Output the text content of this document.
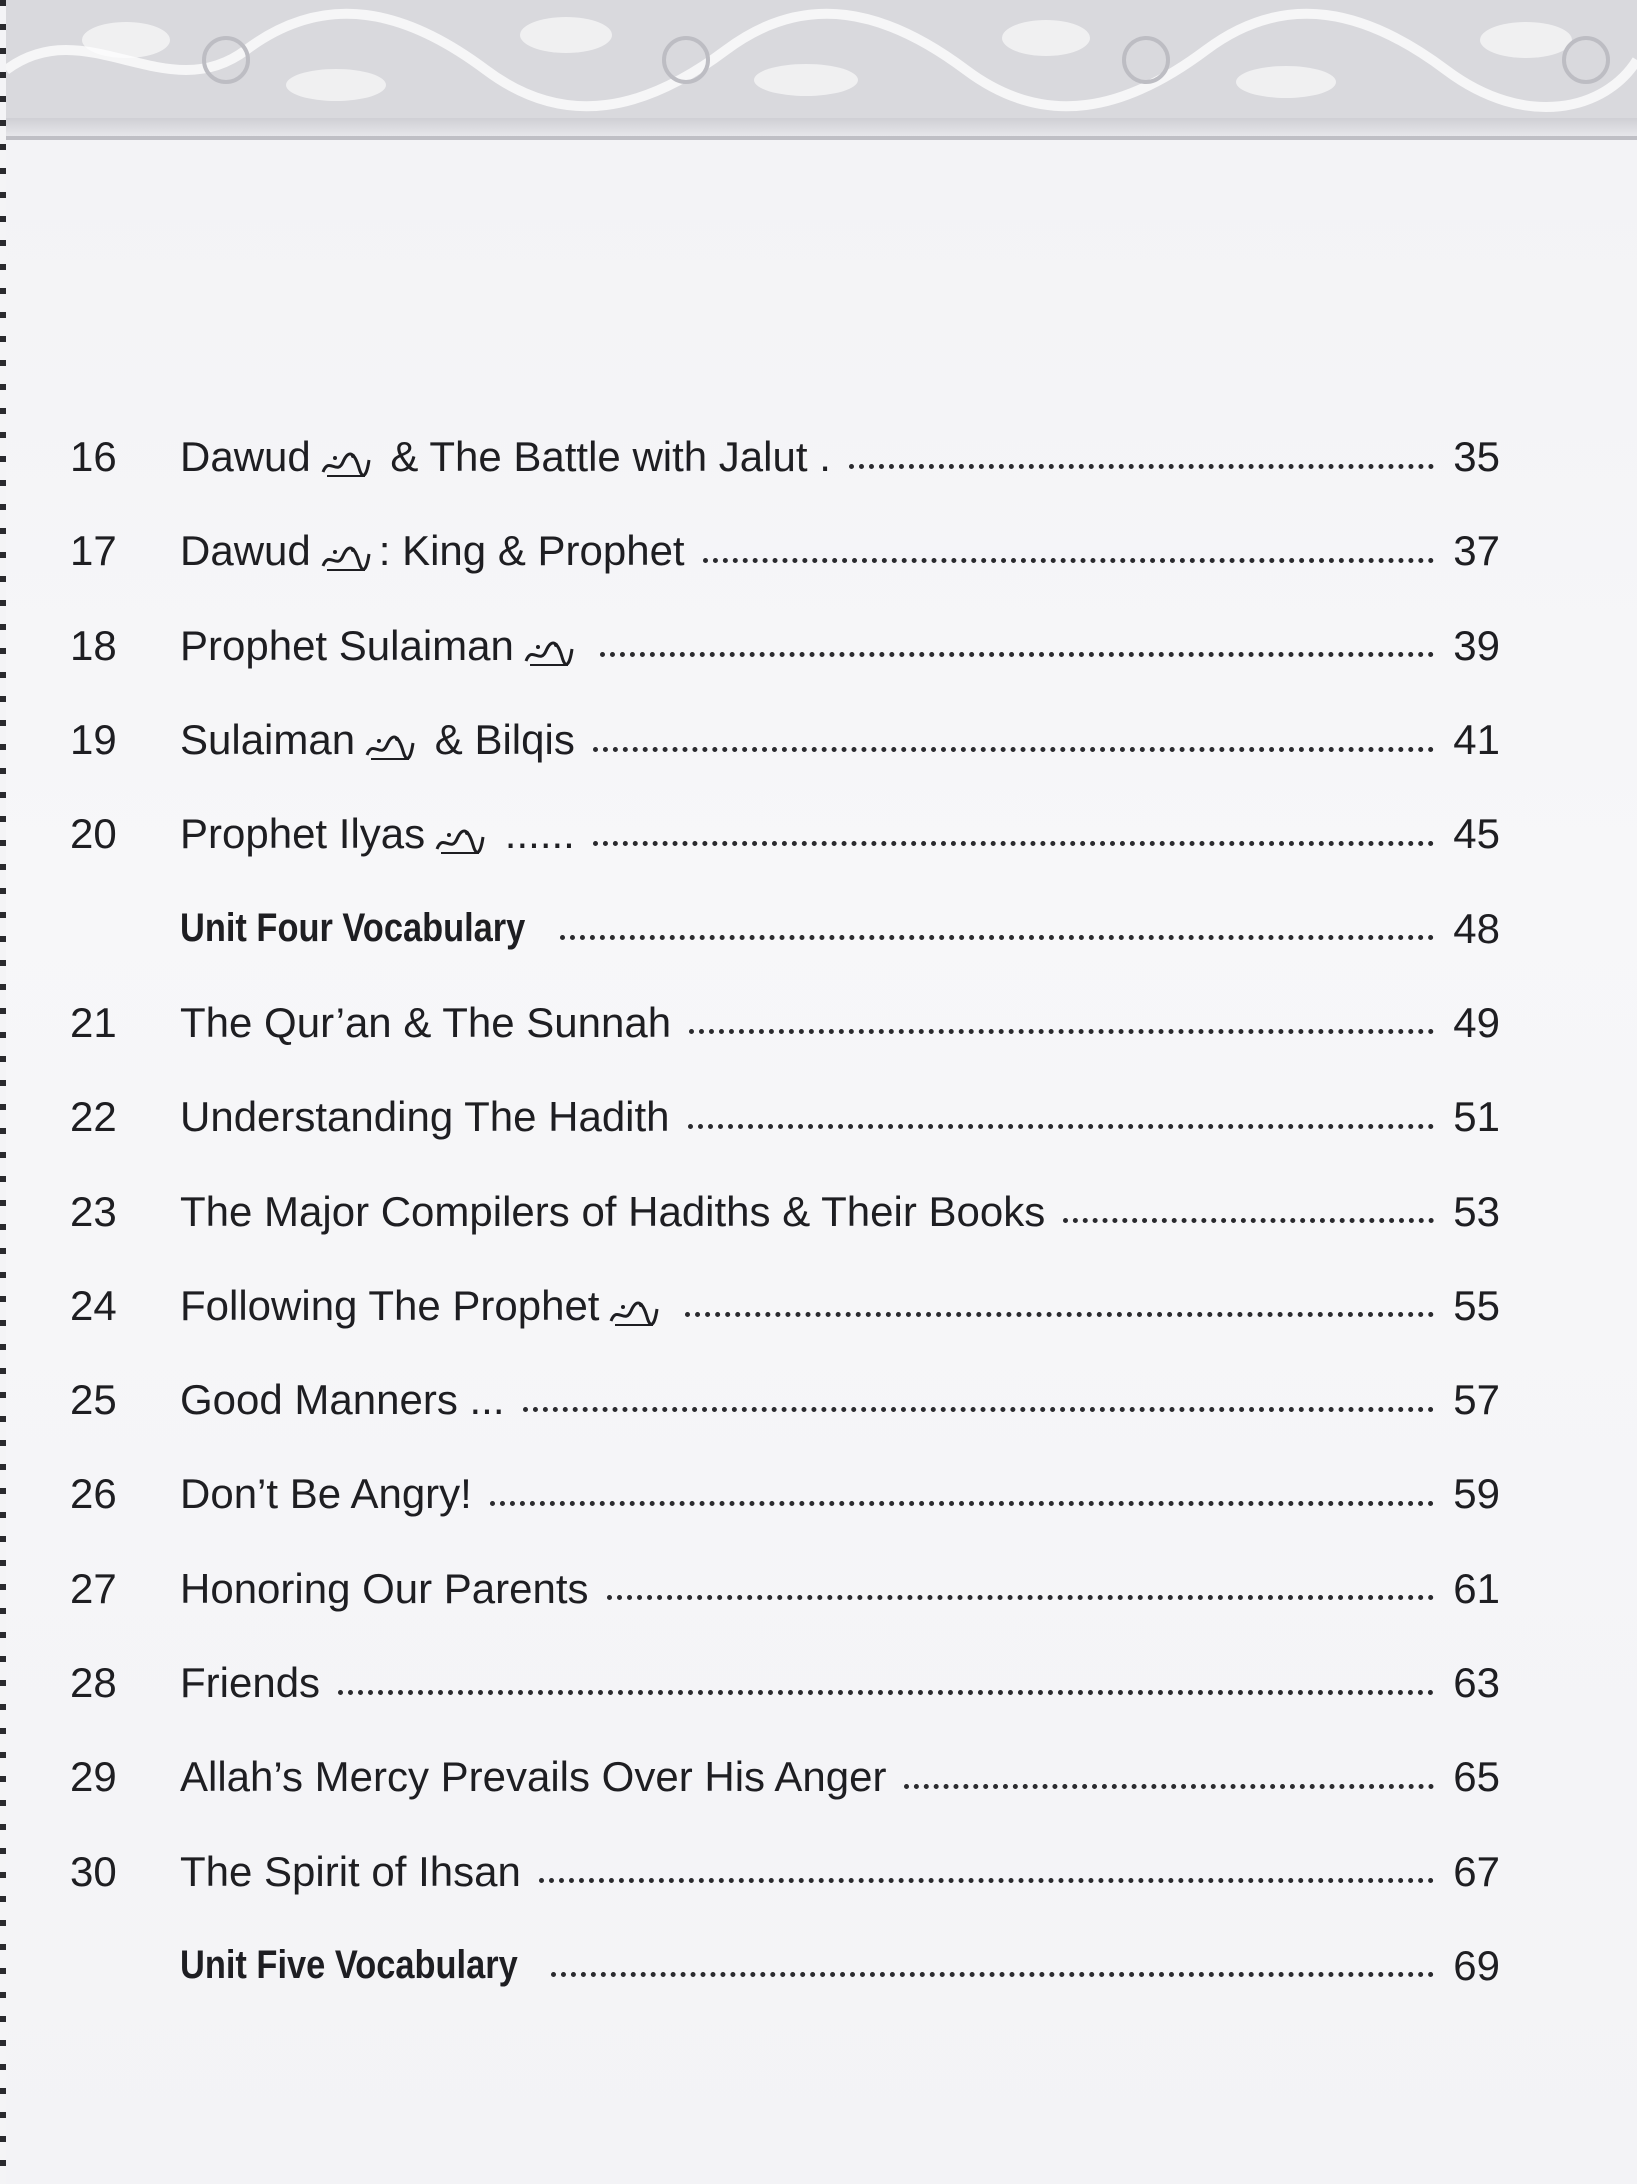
16	Dawud & The Battle with Jalut .	35
17	Dawud : King & Prophet	37
18	Prophet Sulaiman	39
19	Sulaiman & Bilqis	41
20	Prophet Ilyas ......	45
Unit Four Vocabulary	48
21	The Qur’an & The Sunnah	49
22	Understanding The Hadith	51
23	The Major Compilers of Hadiths & Their Books	53
24	Following The Prophet	55
25	Good Manners ...	57
26	Don’t Be Angry!	59
27	Honoring Our Parents	61
28	Friends	63
29	Allah’s Mercy Prevails Over His Anger	65
30	The Spirit of Ihsan	67
Unit Five Vocabulary	69
